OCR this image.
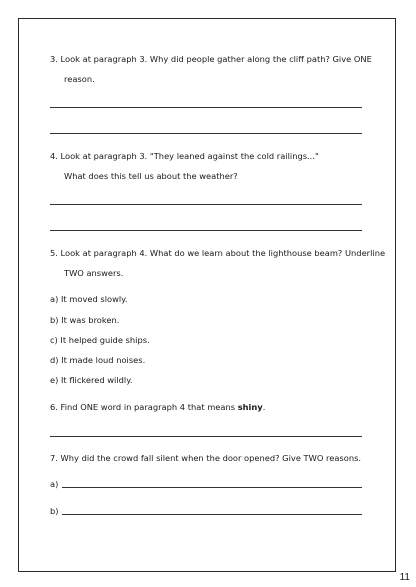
3. Look at paragraph 3. Why did people gather along the cliff path? Give ONE
reason.
4. Look at paragraph 3. "They leaned against the cold railings..."
What does this tell us about the weather?
5. Look at paragraph 4. What do we learn about the lighthouse beam? Underline
TWO answers.
a) It moved slowly.
b) It was broken.
c) It helped guide ships.
d) It made loud noises.
e) It flickered wildly.
6. Find ONE word in paragraph 4 that means shiny.
7. Why did the crowd fall silent when the door opened? Give TWO reasons.
a)
b)
11
